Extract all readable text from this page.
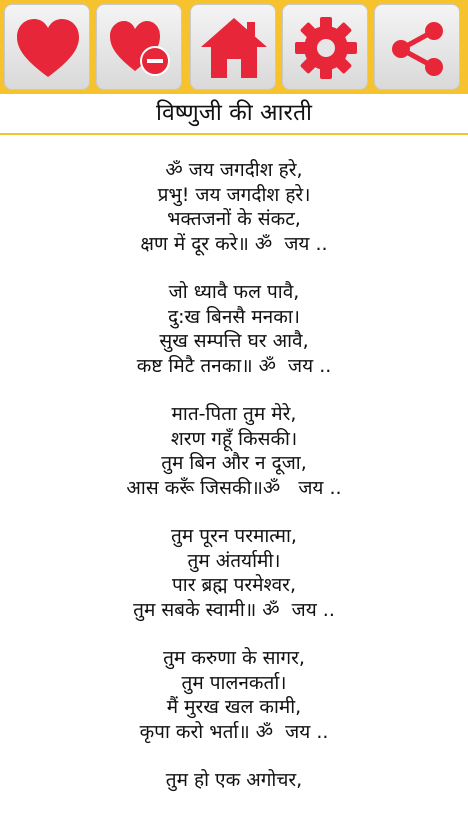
विष्णुजी की आरती
ॐ जय जगदीश हरे,
प्रभु! जय जगदीश हरे।
भक्तजनों के संकट,
क्षण में दूर करे॥ ॐ  जय ..
जो ध्यावै फल पावै,
दु:ख बिनसै मनका।
सुख सम्पत्ति घर आवै,
कष्ट मिटै तनका॥ ॐ  जय ..
मात-पिता तुम मेरे,
शरण गहूँ किसकी।
तुम बिन और न दूजा,
आस करूँ जिसकी॥ॐ   जय ..
तुम पूरन परमात्मा,
तुम अंतर्यामी।
पार ब्रह्म परमेश्वर,
तुम सबके स्वामी॥ ॐ  जय ..
तुम करुणा के सागर,
तुम पालनकर्ता।
मैं मुरख खल कामी,
कृपा करो भर्ता॥ ॐ  जय ..
तुम हो एक अगोचर,
